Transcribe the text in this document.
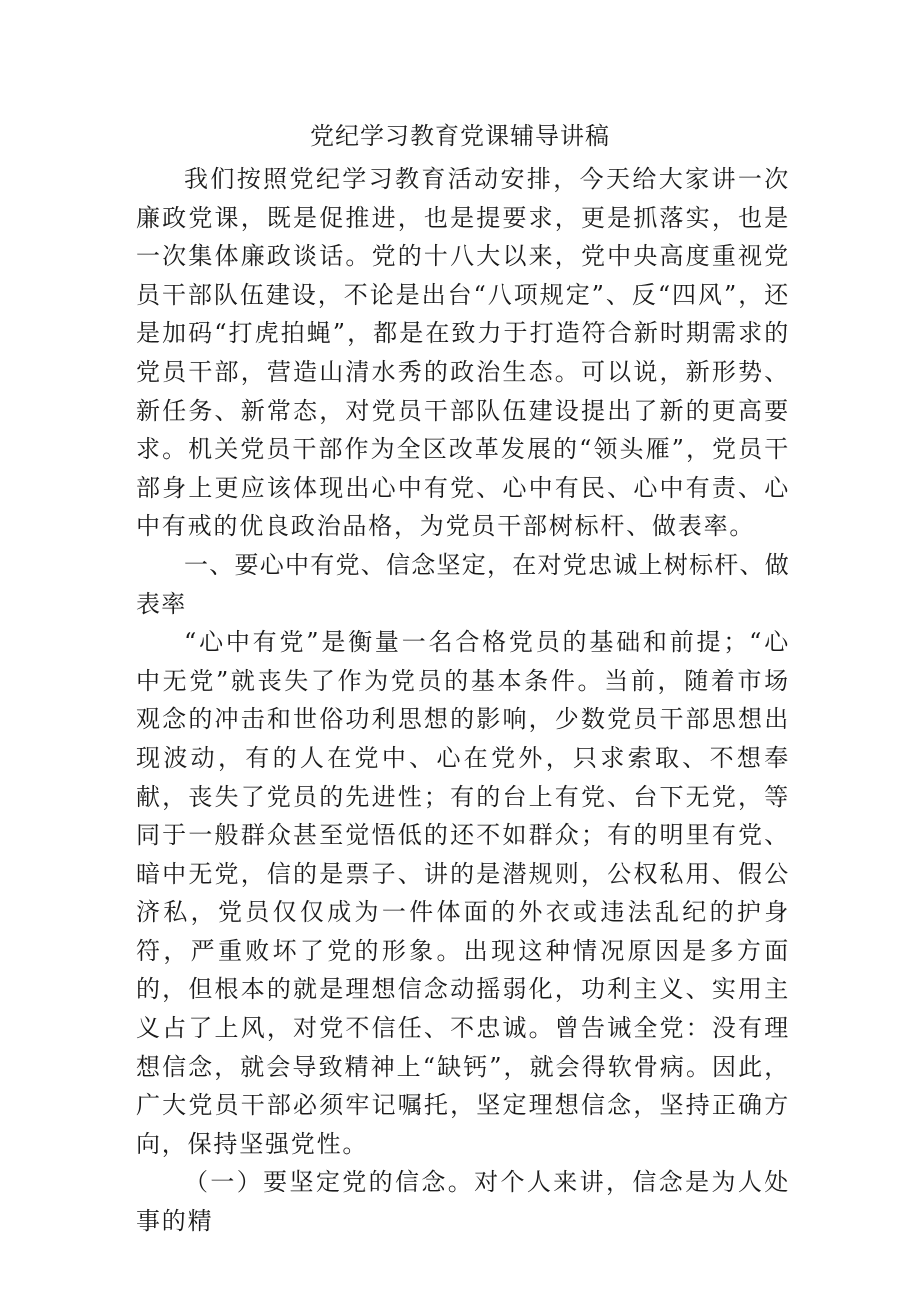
党纪学习教育党课辅导讲稿

我们按照党纪学习教育活动安排，今天给大家讲一次廉政党课，既是促推进，也是提要求，更是抓落实，也是一次集体廉政谈话。党的十八大以来，党中央高度重视党员干部队伍建设，不论是出台“八项规定”、反“四风”，还是加码“打虎拍蝇”，都是在致力于打造符合新时期需求的党员干部，营造山清水秀的政治生态。可以说，新形势、新任务、新常态，对党员干部队伍建设提出了新的更高要求。机关党员干部作为全区改革发展的“领头雁”，党员干部身上更应该体现出心中有党、心中有民、心中有责、心中有戒的优良政治品格，为党员干部树标杆、做表率。

一、要心中有党、信念坚定，在对党忠诚上树标杆、做表率

“心中有党”是衡量一名合格党员的基础和前提；“心中无党”就丧失了作为党员的基本条件。当前，随着市场观念的冲击和世俗功利思想的影响，少数党员干部思想出现波动，有的人在党中、心在党外，只求索取、不想奉献，丧失了党员的先进性；有的台上有党、台下无党，等同于一般群众甚至觉悟低的还不如群众；有的明里有党、暗中无党，信的是票子、讲的是潜规则，公权私用、假公济私，党员仅仅成为一件体面的外衣或违法乱纪的护身符，严重败坏了党的形象。出现这种情况原因是多方面的，但根本的就是理想信念动摇弱化，功利主义、实用主义占了上风，对党不信任、不忠诚。曾告诫全党：没有理想信念，就会导致精神上“缺钙”，就会得软骨病。因此，广大党员干部必须牢记嘱托，坚定理想信念，坚持正确方向，保持坚强党性。

（一）要坚定党的信念。对个人来讲，信念是为人处事的精
